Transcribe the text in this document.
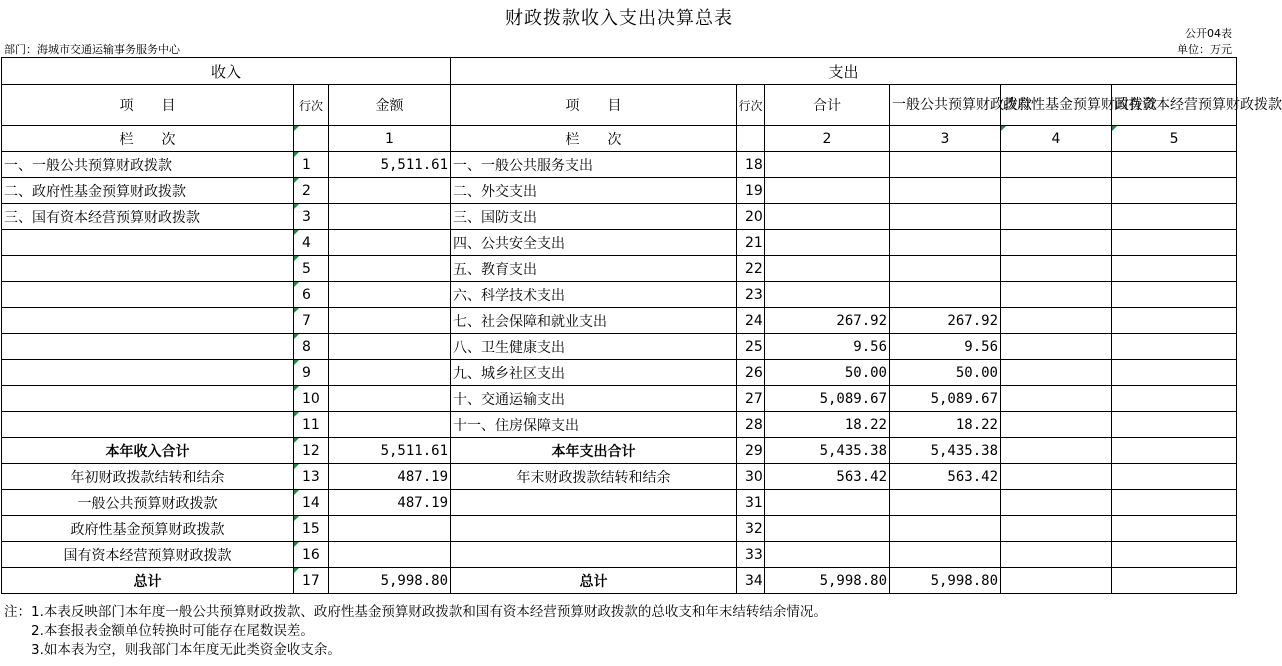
财政拨款收入支出决算总表
部门：海城市交通运输事务服务中心
公开04表
单位：万元
收入			支出					
项　　目	行次	金额	项　　目	行次	合计	一般公共预算财政拨款	政府性基金预算财政拨款	国有资本经营预算财政拨款
栏　　次		1	栏　　次		2	3	4	5
一、一般公共预算财政拨款	1	5,511.61	一、一般公共服务支出	18				
二、政府性基金预算财政拨款	2		二、外交支出	19				
三、国有资本经营预算财政拨款	3		三、国防支出	20				
	4		四、公共安全支出	21				
	5		五、教育支出	22				
	6		六、科学技术支出	23				
	7		七、社会保障和就业支出	24	267.92	267.92		
	8		八、卫生健康支出	25	9.56	9.56		
	9		九、城乡社区支出	26	50.00	50.00		
	10		十、交通运输支出	27	5,089.67	5,089.67		
	11		十一、住房保障支出	28	18.22	18.22		
本年收入合计	12	5,511.61	本年支出合计	29	5,435.38	5,435.38		
年初财政拨款结转和结余	13	487.19	年末财政拨款结转和结余	30	563.42	563.42		
一般公共预算财政拨款	14	487.19		31				
政府性基金预算财政拨款	15			32				
国有资本经营预算财政拨款	16			33				
总计	17	5,998.80	总计	34	5,998.80	5,998.80		
注：1.本表反映部门本年度一般公共预算财政拨款、政府性基金预算财政拨款和国有资本经营预算财政拨款的总收支和年末结转结余情况。
　　2.本套报表金额单位转换时可能存在尾数误差。
　　3.如本表为空，则我部门本年度无此类资金收支余。
